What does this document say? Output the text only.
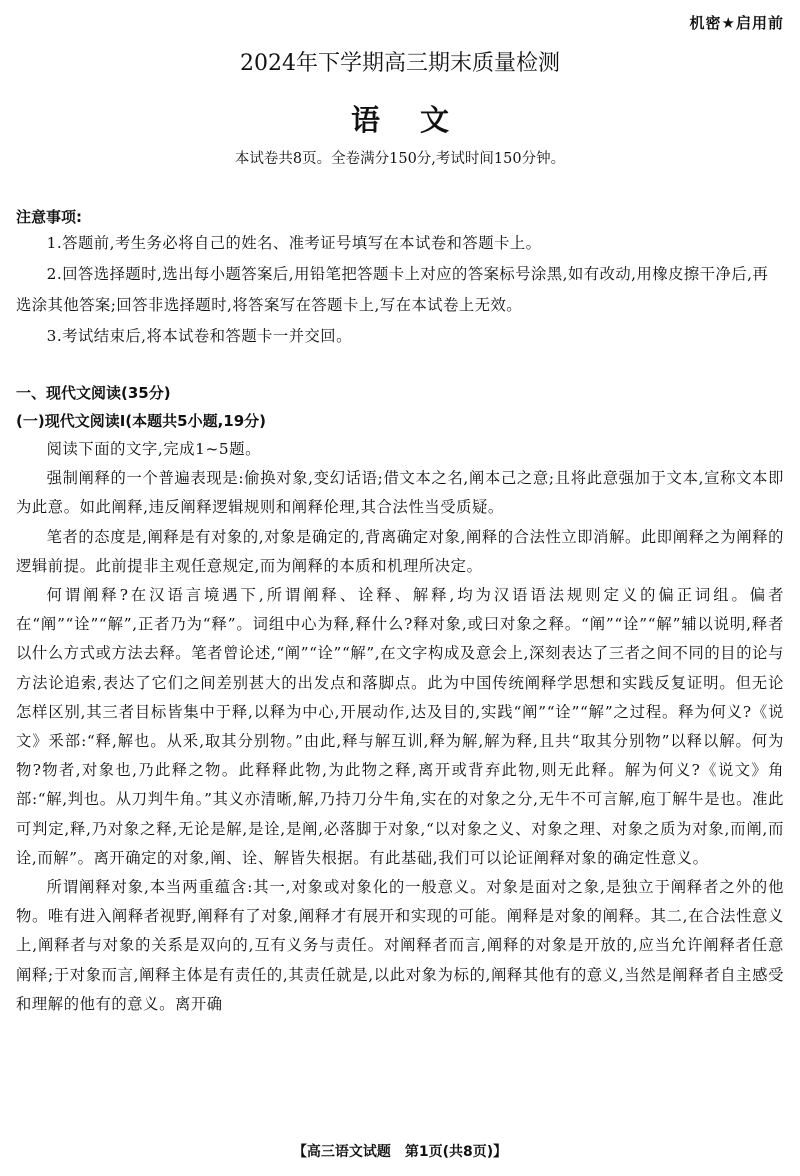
机密★启用前
2024年下学期高三期末质量检测
语 文
本试卷共8页。全卷满分150分,考试时间150分钟。

注意事项:

1.答题前,考生务必将自己的姓名、准考证号填写在本试卷和答题卡上。

2.回答选择题时,选出每小题答案后,用铅笔把答题卡上对应的答案标号涂黑,如有改动,用橡皮擦干净后,再选涂其他答案;回答非选择题时,将答案写在答题卡上,写在本试卷上无效。

3.考试结束后,将本试卷和答题卡一并交回。

一、现代文阅读(35分)

(一)现代文阅读I(本题共5小题,19分)

阅读下面的文字,完成1~5题。

强制阐释的一个普遍表现是:偷换对象,变幻话语;借文本之名,阐本己之意;且将此意强加于文本,宣称文本即为此意。如此阐释,违反阐释逻辑规则和阐释伦理,其合法性当受质疑。

笔者的态度是,阐释是有对象的,对象是确定的,背离确定对象,阐释的合法性立即消解。此即阐释之为阐释的逻辑前提。此前提非主观任意规定,而为阐释的本质和机理所决定。

何谓阐释?在汉语言境遇下,所谓阐释、诠释、解释,均为汉语语法规则定义的偏正词组。偏者在“阐”“诠”“解”,正者乃为“释”。词组中心为释,释什么?释对象,或曰对象之释。“阐”“诠”“解”辅以说明,释者以什么方式或方法去释。笔者曾论述,“阐”“诠”“解”,在文字构成及意会上,深刻表达了三者之间不同的目的论与方法论追索,表达了它们之间差别甚大的出发点和落脚点。此为中国传统阐释学思想和实践反复证明。但无论怎样区别,其三者目标皆集中于释,以释为中心,开展动作,达及目的,实践“阐”“诠”“解”之过程。释为何义?《说文》釆部:“释,解也。从釆,取其分别物。”由此,释与解互训,释为解,解为释,且共“取其分别物”以释以解。何为物?物者,对象也,乃此释之物。此释释此物,为此物之释,离开或背弃此物,则无此释。解为何义?《说文》角部:“解,判也。从刀判牛角。”其义亦清晰,解,乃持刀分牛角,实在的对象之分,无牛不可言解,庖丁解牛是也。准此可判定,释,乃对象之释,无论是解,是诠,是阐,必落脚于对象,“以对象之义、对象之理、对象之质为对象,而阐,而诠,而解”。离开确定的对象,阐、诠、解皆失根据。有此基础,我们可以论证阐释对象的确定性意义。

所谓阐释对象,本当两重蕴含:其一,对象或对象化的一般意义。对象是面对之象,是独立于阐释者之外的他物。唯有进入阐释者视野,阐释有了对象,阐释才有展开和实现的可能。阐释是对象的阐释。其二,在合法性意义上,阐释者与对象的关系是双向的,互有义务与责任。对阐释者而言,阐释的对象是开放的,应当允许阐释者任意阐释;于对象而言,阐释主体是有责任的,其责任就是,以此对象为标的,阐释其他有的意义,当然是阐释者自主感受和理解的他有的意义。离开确

【高三语文试题　第1页(共8页)】
